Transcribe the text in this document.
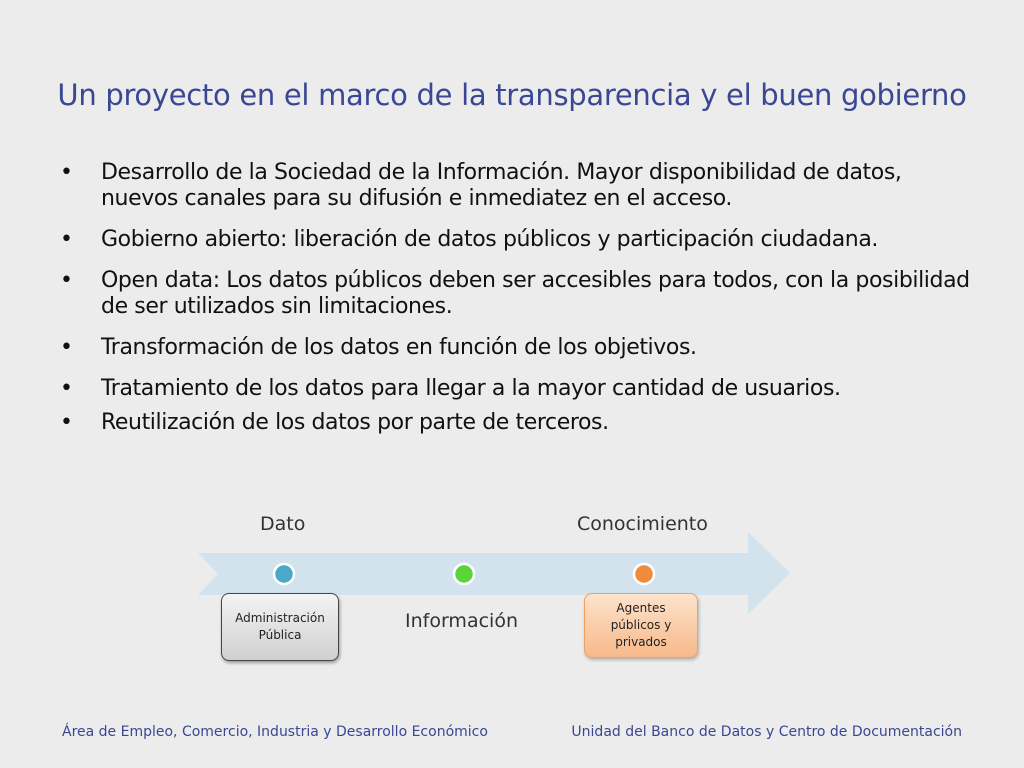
Un proyecto en el marco de la transparencia y el buen gobierno
• Desarrollo de la Sociedad de la Información. Mayor disponibilidad de datos, nuevos canales para su difusión e inmediatez en el acceso.
• Gobierno abierto: liberación de datos públicos y participación ciudadana.
• Open data: Los datos públicos deben ser accesibles para todos, con la posibilidad de ser utilizados sin limitaciones.
• Transformación de los datos en función de los objetivos.
• Tratamiento de los datos para llegar a la mayor cantidad de usuarios.
• Reutilización de los datos por parte de terceros.
Dato
Información
Conocimiento
Administración Pública
Agentes públicos y privados
Área de Empleo, Comercio, Industria y Desarrollo Económico	Unidad del Banco de Datos y Centro de Documentación
